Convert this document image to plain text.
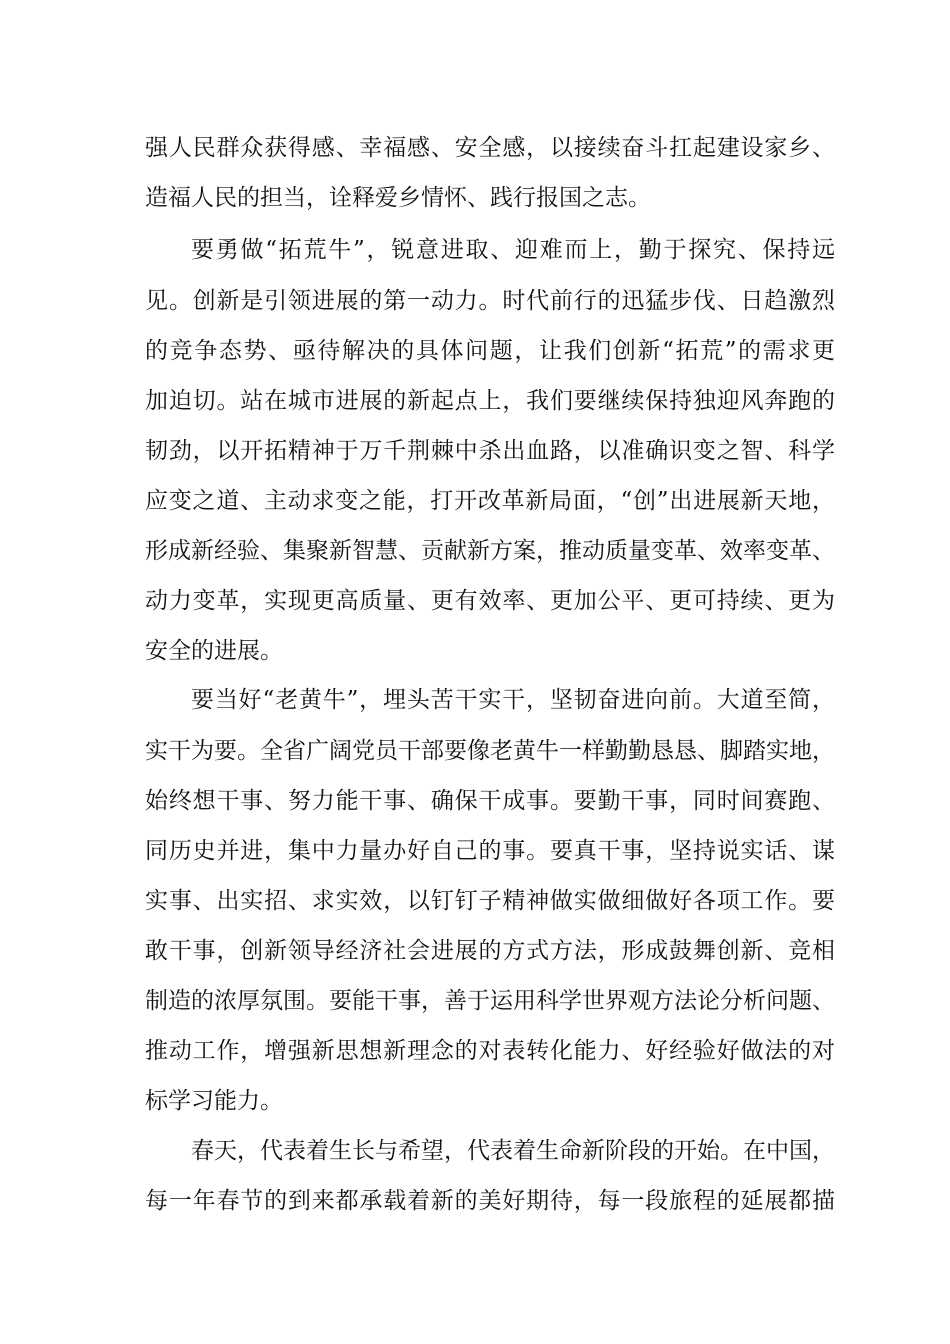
强人民群众获得感、幸福感、安全感，以接续奋斗扛起建设家乡、
造福人民的担当，诠释爱乡情怀、践行报国之志。
要勇做“拓荒牛”，锐意进取、迎难而上，勤于探究、保持远
见。创新是引领进展的第一动力。时代前行的迅猛步伐、日趋激烈
的竞争态势、亟待解决的具体问题，让我们创新“拓荒”的需求更
加迫切。站在城市进展的新起点上，我们要继续保持独迎风奔跑的
韧劲，以开拓精神于万千荆棘中杀出血路，以准确识变之智、科学
应变之道、主动求变之能，打开改革新局面，“创”出进展新天地，
形成新经验、集聚新智慧、贡献新方案，推动质量变革、效率变革、
动力变革，实现更高质量、更有效率、更加公平、更可持续、更为
安全的进展。
要当好“老黄牛”，埋头苦干实干，坚韧奋进向前。大道至简，
实干为要。全省广阔党员干部要像老黄牛一样勤勤恳恳、脚踏实地，
始终想干事、努力能干事、确保干成事。要勤干事，同时间赛跑、
同历史并进，集中力量办好自己的事。要真干事，坚持说实话、谋
实事、出实招、求实效，以钉钉子精神做实做细做好各项工作。要
敢干事，创新领导经济社会进展的方式方法，形成鼓舞创新、竞相
制造的浓厚氛围。要能干事，善于运用科学世界观方法论分析问题、
推动工作，增强新思想新理念的对表转化能力、好经验好做法的对
标学习能力。
春天，代表着生长与希望，代表着生命新阶段的开始。在中国，
每一年春节的到来都承载着新的美好期待，每一段旅程的延展都描
